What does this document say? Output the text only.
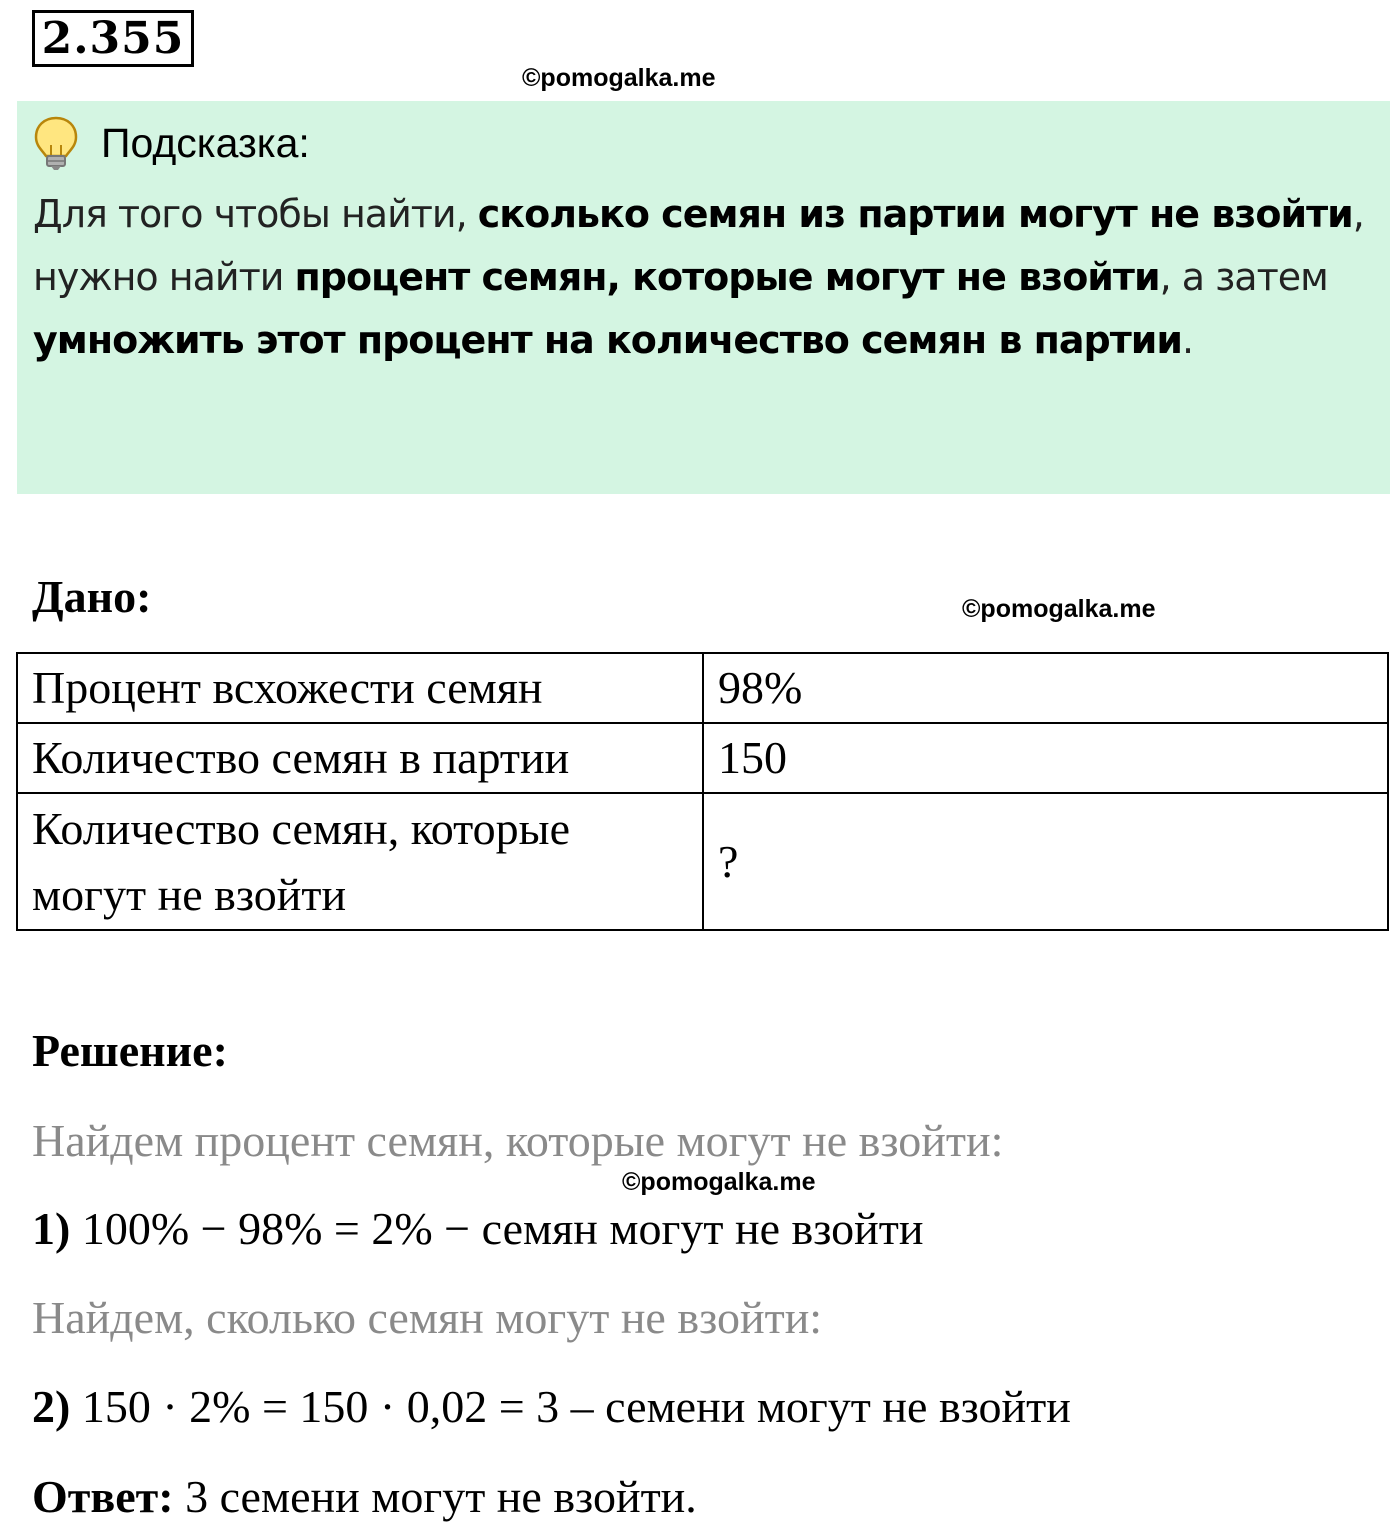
2.355
©pomogalka.me
Подсказка:
Для того чтобы найти, сколько семян из партии могут не взойти, нужно найти процент семян, которые могут не взойти, а затем умножить этот процент на количество семян в партии.
Дано:	©pomogalka.me
Процент всхожести семян	98%
Количество семян в партии	150
Количество семян, которые могут не взойти	?
Решение:
Найдем процент семян, которые могут не взойти:
©pomogalka.me
1) 100% − 98% = 2% − семян могут не взойти
Найдем, сколько семян могут не взойти:
2) 150 · 2% = 150 · 0,02 = 3 – семени могут не взойти
Ответ: 3 семени могут не взойти.
